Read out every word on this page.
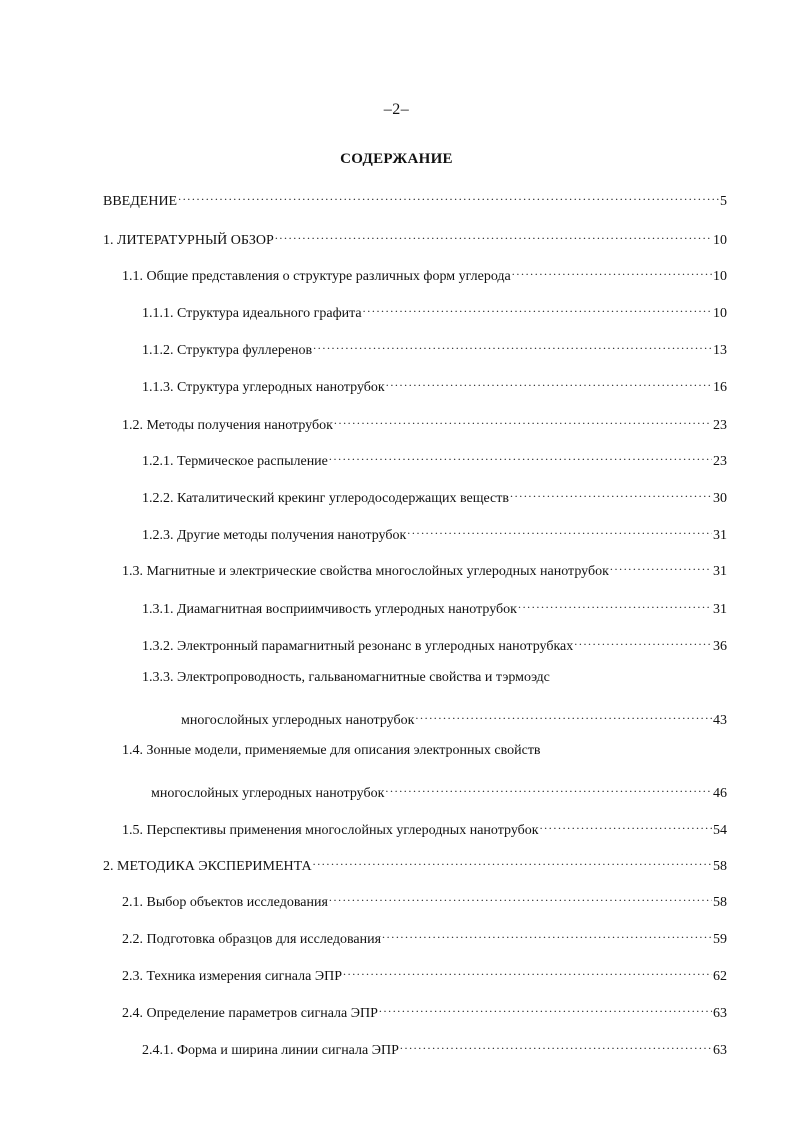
–2–
СОДЕРЖАНИЕ
ВВЕДЕНИЕ .....	5
1. ЛИТЕРАТУРНЫЙ ОБЗОР .....	10
1.1. Общие представления о структуре различных форм углерода .....	10
1.1.1. Структура идеального графита .....	10
1.1.2. Структура фуллеренов .....	13
1.1.3. Структура углеродных нанотрубок .....	16
1.2. Методы получения нанотрубок .....	23
1.2.1. Термическое распыление .....	23
1.2.2. Каталитический крекинг углеродосодержащих веществ .....	30
1.2.3. Другие методы получения нанотрубок .....	31
1.3. Магнитные и электрические свойства многослойных углеродных нанотрубок .....	31
1.3.1. Диамагнитная восприимчивость углеродных нанотрубок .....	31
1.3.2. Электронный парамагнитный резонанс в углеродных нанотрубках .....	36
1.3.3. Электропроводность, гальваномагнитные свойства и тэрмоэдс
многослойных углеродных нанотрубок .....	43
1.4. Зонные модели, применяемые для описания электронных свойств
многослойных углеродных нанотрубок .....	46
1.5. Перспективы применения многослойных углеродных нанотрубок .....	54
2. МЕТОДИКА ЭКСПЕРИМЕНТА .....	58
2.1. Выбор объектов исследования .....	58
2.2. Подготовка образцов для исследования .....	59
2.3. Техника измерения сигнала ЭПР .....	62
2.4. Определение параметров сигнала ЭПР .....	63
2.4.1. Форма и ширина линии сигнала ЭПР .....	63
